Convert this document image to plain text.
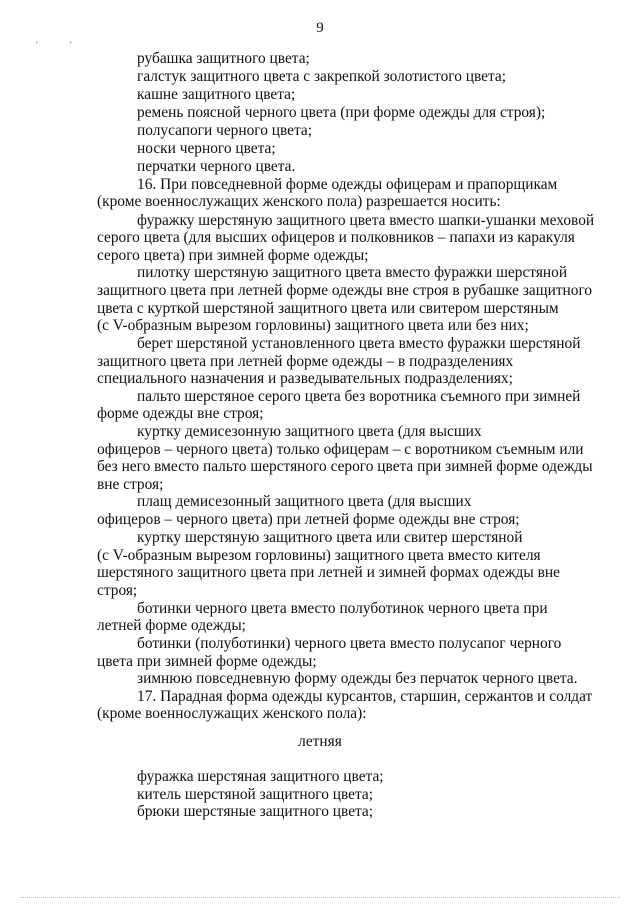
'	'
9
рубашка защитного цвета;
галстук защитного цвета с закрепкой золотистого цвета;
кашне защитного цвета;
ремень поясной черного цвета (при форме одежды для строя);
полусапоги черного цвета;
носки черного цвета;
перчатки черного цвета.
16. При повседневной форме одежды офицерам и прапорщикам
(кроме военнослужащих женского пола) разрешается носить:
фуражку шерстяную защитного цвета вместо шапки-ушанки меховой
серого цвета (для высших офицеров и полковников – папахи из каракуля
серого цвета) при зимней форме одежды;
пилотку шерстяную защитного цвета вместо фуражки шерстяной
защитного цвета при летней форме одежды вне строя в рубашке защитного
цвета с курткой шерстяной защитного цвета или свитером шерстяным
(с V-образным вырезом горловины) защитного цвета или без них;
берет шерстяной установленного цвета вместо фуражки шерстяной
защитного цвета при летней форме одежды – в подразделениях
специального назначения и разведывательных подразделениях;
пальто шерстяное серого цвета без воротника съемного при зимней
форме одежды вне строя;
куртку демисезонную защитного цвета (для высших
офицеров – черного цвета) только офицерам – с воротником съемным или
без него вместо пальто шерстяного серого цвета при зимней форме одежды
вне строя;
плащ демисезонный защитного цвета (для высших
офицеров – черного цвета) при летней форме одежды вне строя;
куртку шерстяную защитного цвета или свитер шерстяной
(с V-образным вырезом горловины) защитного цвета вместо кителя
шерстяного защитного цвета при летней и зимней формах одежды вне
строя;
ботинки черного цвета вместо полуботинок черного цвета при
летней форме одежды;
ботинки (полуботинки) черного цвета вместо полусапог черного
цвета при зимней форме одежды;
зимнюю повседневную форму одежды без перчаток черного цвета.
17. Парадная форма одежды курсантов, старшин, сержантов и солдат
(кроме военнослужащих женского пола):
летняя
фуражка шерстяная защитного цвета;
китель шерстяной защитного цвета;
брюки шерстяные защитного цвета;
